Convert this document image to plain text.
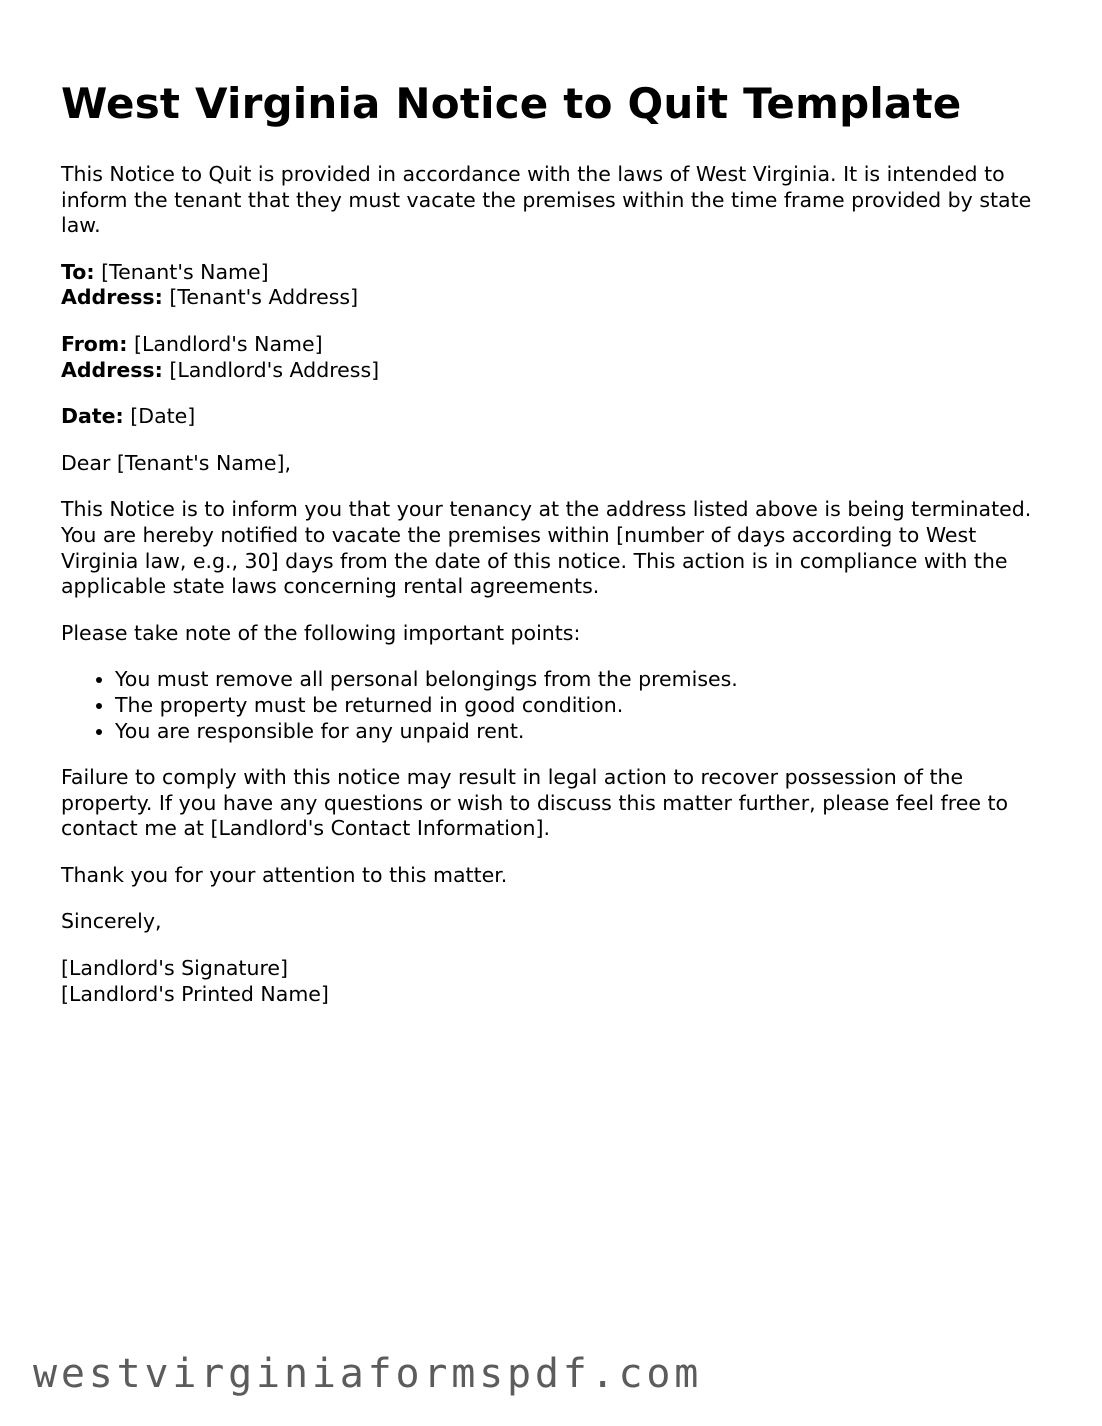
West Virginia Notice to Quit Template

This Notice to Quit is provided in accordance with the laws of West Virginia. It is intended to inform the tenant that they must vacate the premises within the time frame provided by state law.

To: [Tenant's Name]
Address: [Tenant's Address]

From: [Landlord's Name]
Address: [Landlord's Address]

Date: [Date]

Dear [Tenant's Name],

This Notice is to inform you that your tenancy at the address listed above is being terminated. You are hereby notified to vacate the premises within [number of days according to West Virginia law, e.g., 30] days from the date of this notice. This action is in compliance with the applicable state laws concerning rental agreements.

Please take note of the following important points:

• You must remove all personal belongings from the premises.
• The property must be returned in good condition.
• You are responsible for any unpaid rent.

Failure to comply with this notice may result in legal action to recover possession of the property. If you have any questions or wish to discuss this matter further, please feel free to contact me at [Landlord's Contact Information].

Thank you for your attention to this matter.

Sincerely,

[Landlord's Signature]
[Landlord's Printed Name]

westvirginiaformspdf.com
